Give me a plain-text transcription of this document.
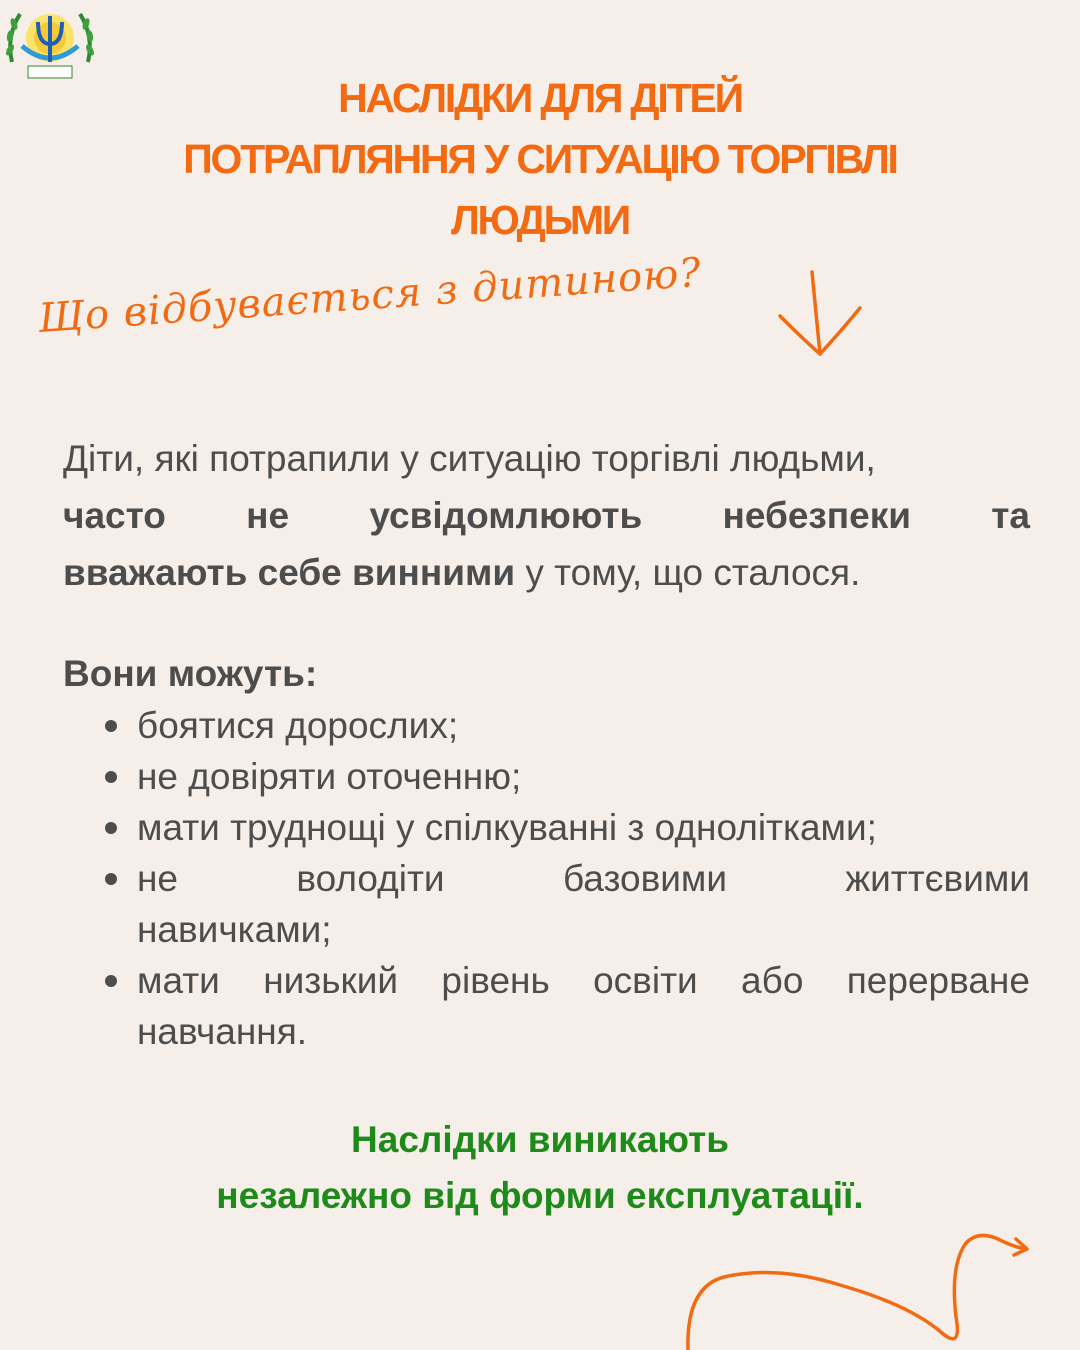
НАСЛІДКИ ДЛЯ ДІТЕЙ
ПОТРАПЛЯННЯ У СИТУАЦІЮ ТОРГІВЛІ
ЛЮДЬМИ
Що відбувається з дитиною?
Діти, які потрапили у ситуацію торгівлі людьми,
часто не усвідомлюють небезпеки та
вважають себе винними у тому, що сталося.
Вони можуть:
боятися дорослих;
не довіряти оточенню;
мати труднощі у спілкуванні з однолітками;
не	володіти	базовими	життєвими
навичками;
мати низький рівень освіти або перерване
навчання.
Наслідки виникають
незалежно від форми експлуатації.
